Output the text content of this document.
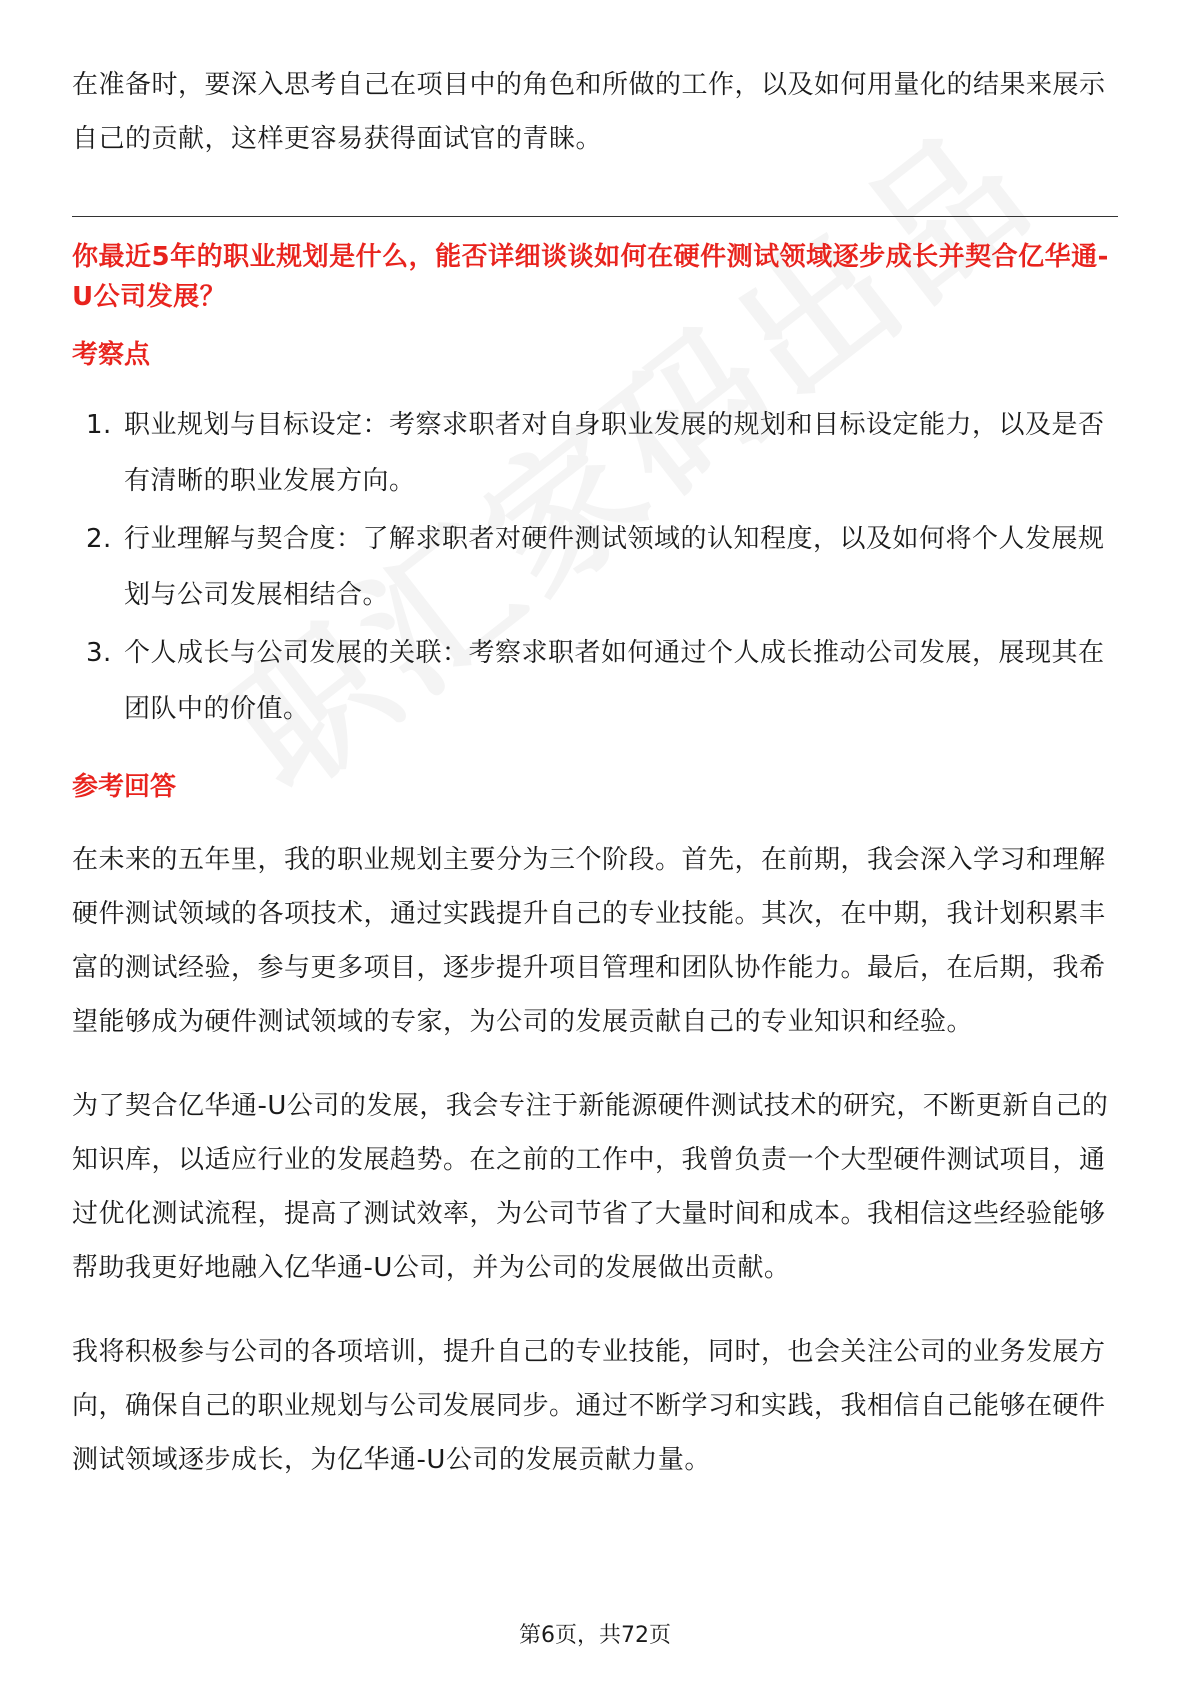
在准备时，要深入思考自己在项目中的角色和所做的工作，以及如何用量化的结果来展示自己的贡献，这样更容易获得面试官的青睐。

你最近5年的职业规划是什么，能否详细谈谈如何在硬件测试领域逐步成长并契合亿华通-U公司发展？
考察点
1. 职业规划与目标设定：考察求职者对自身职业发展的规划和目标设定能力，以及是否有清晰的职业发展方向。
2. 行业理解与契合度：了解求职者对硬件测试领域的认知程度，以及如何将个人发展规划与公司发展相结合。
3. 个人成长与公司发展的关联：考察求职者如何通过个人成长推动公司发展，展现其在团队中的价值。
参考回答

在未来的五年里，我的职业规划主要分为三个阶段。首先，在前期，我会深入学习和理解硬件测试领域的各项技术，通过实践提升自己的专业技能。其次，在中期，我计划积累丰富的测试经验，参与更多项目，逐步提升项目管理和团队协作能力。最后，在后期，我希望能够成为硬件测试领域的专家，为公司的发展贡献自己的专业知识和经验。

为了契合亿华通-U公司的发展，我会专注于新能源硬件测试技术的研究，不断更新自己的知识库，以适应行业的发展趋势。在之前的工作中，我曾负责一个大型硬件测试项目，通过优化测试流程，提高了测试效率，为公司节省了大量时间和成本。我相信这些经验能够帮助我更好地融入亿华通-U公司，并为公司的发展做出贡献。

我将积极参与公司的各项培训，提升自己的专业技能，同时，也会关注公司的业务发展方向，确保自己的职业规划与公司发展同步。通过不断学习和实践，我相信自己能够在硬件测试领域逐步成长，为亿华通-U公司的发展贡献力量。

第6页，共72页
